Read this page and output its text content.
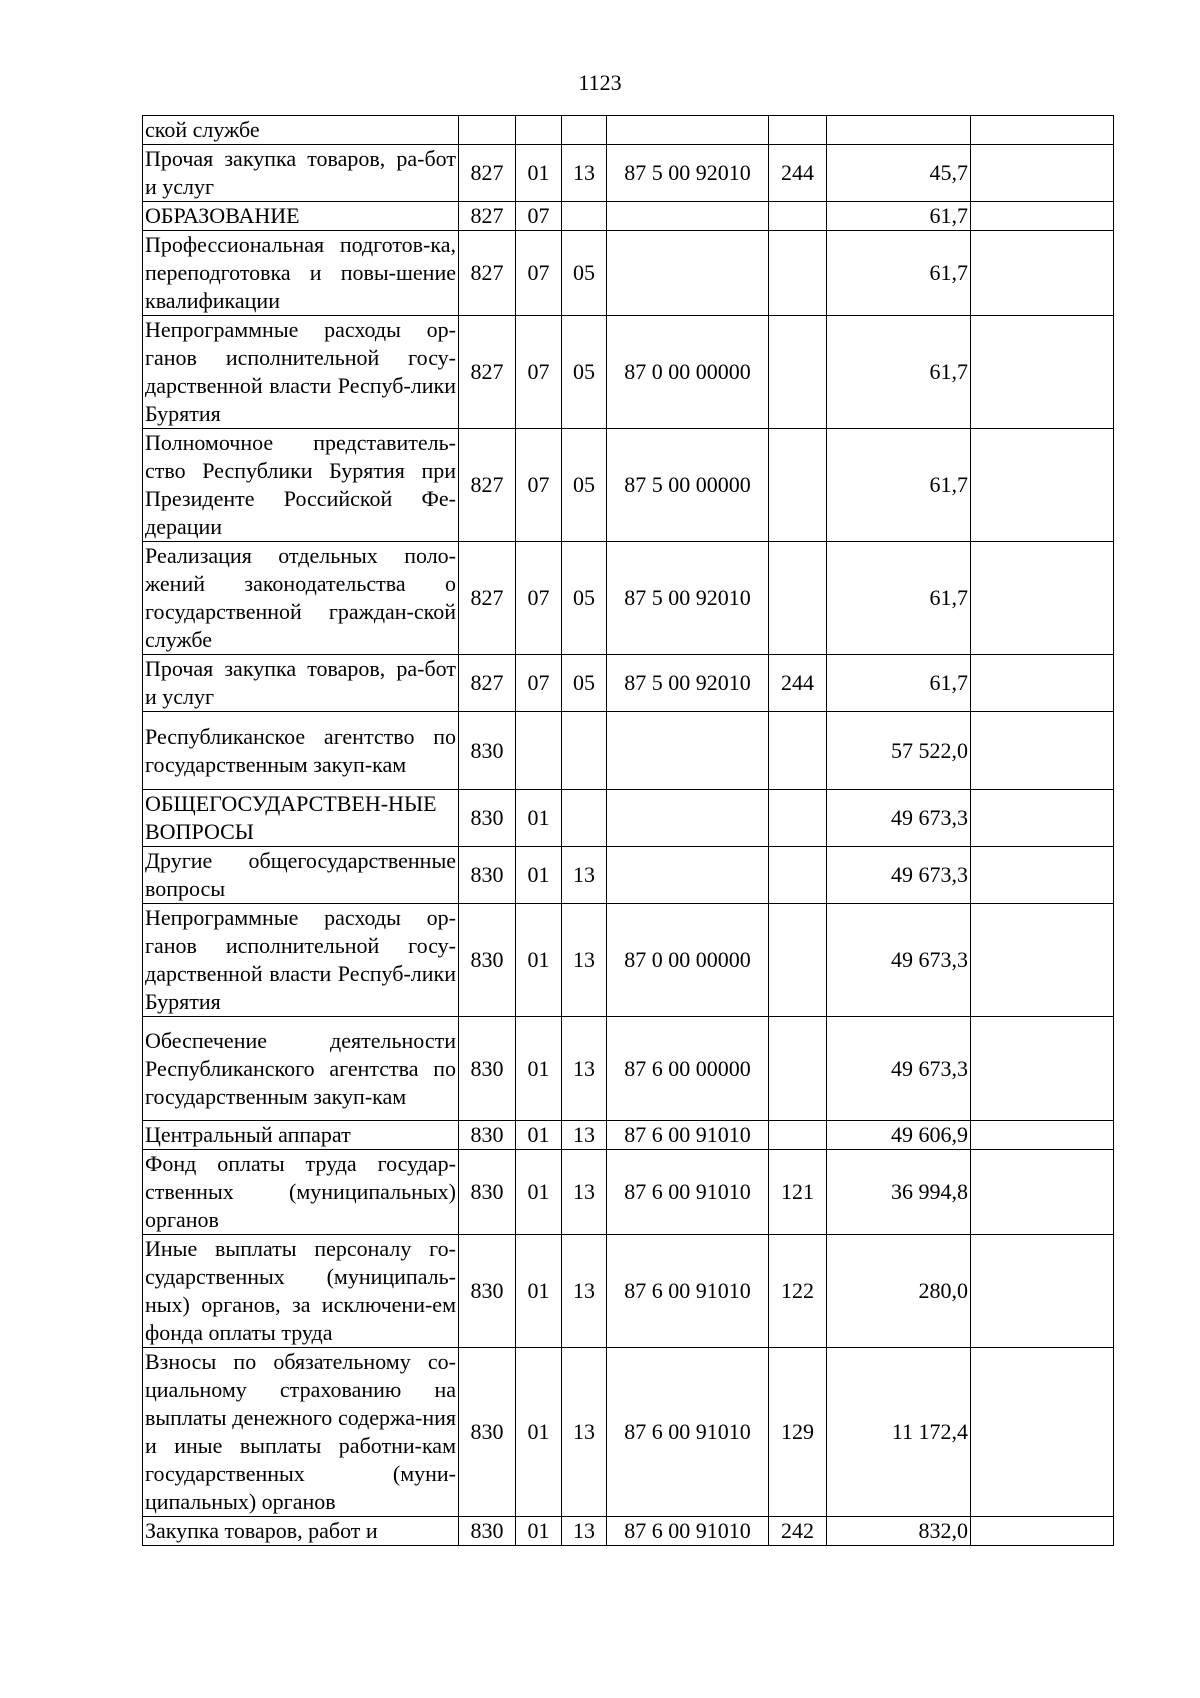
1123
ской службе							
Прочая закупка товаров, ра-бот и услуг	827	01	13	87 5 00 92010	244	45,7	
ОБРАЗОВАНИЕ	827	07				61,7	
Профессиональная подготов-ка, переподготовка и повы-шение квалификации	827	07	05			61,7	
Непрограммные расходы ор-ганов исполнительной госу-дарственной власти Респуб-лики Бурятия	827	07	05	87 0 00 00000		61,7	
Полномочное представитель-ство Республики Бурятия при Президенте Российской Фе-дерации	827	07	05	87 5 00 00000		61,7	
Реализация отдельных поло-жений законодательства о государственной граждан-ской службе	827	07	05	87 5 00 92010		61,7	
Прочая закупка товаров, ра-бот и услуг	827	07	05	87 5 00 92010	244	61,7	
Республиканское агентство по государственным закуп-кам	830					57 522,0	
ОБЩЕГОСУДАРСТВЕН-НЫЕ ВОПРОСЫ	830	01				49 673,3	
Другие общегосударственные вопросы	830	01	13			49 673,3	
Непрограммные расходы ор-ганов исполнительной госу-дарственной власти Респуб-лики Бурятия	830	01	13	87 0 00 00000		49 673,3	
Обеспечение деятельности Республиканского агентства по государственным закуп-кам	830	01	13	87 6 00 00000		49 673,3	
Центральный аппарат	830	01	13	87 6 00 91010		49 606,9	
Фонд оплаты труда государ-ственных (муниципальных) органов	830	01	13	87 6 00 91010	121	36 994,8	
Иные выплаты персоналу го-сударственных (муниципаль-ных) органов, за исключени-ем фонда оплаты труда	830	01	13	87 6 00 91010	122	280,0	
Взносы по обязательному со-циальному страхованию на выплаты денежного содержа-ния и иные выплаты работни-кам государственных (муни-ципальных) органов	830	01	13	87 6 00 91010	129	11 172,4	
Закупка товаров, работ и	830	01	13	87 6 00 91010	242	832,0	
